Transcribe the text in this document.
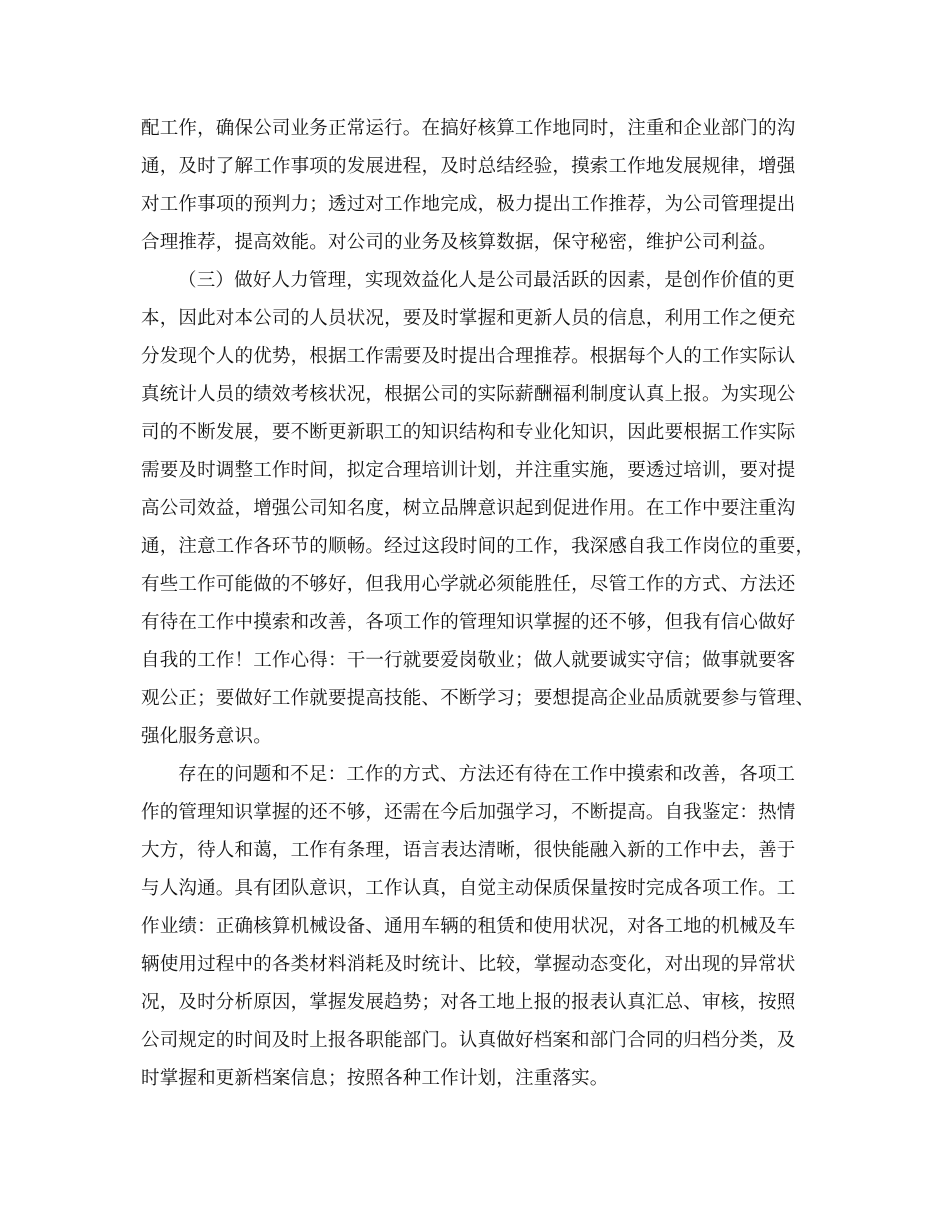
配工作，确保公司业务正常运行。在搞好核算工作地同时，注重和企业部门的沟
通，及时了解工作事项的发展进程，及时总结经验，摸索工作地发展规律，增强
对工作事项的预判力；透过对工作地完成，极力提出工作推荐，为公司管理提出
合理推荐，提高效能。对公司的业务及核算数据，保守秘密，维护公司利益。
（三）做好人力管理，实现效益化人是公司最活跃的因素，是创作价值的更
本，因此对本公司的人员状况，要及时掌握和更新人员的信息，利用工作之便充
分发现个人的优势，根据工作需要及时提出合理推荐。根据每个人的工作实际认
真统计人员的绩效考核状况，根据公司的实际薪酬福利制度认真上报。为实现公
司的不断发展，要不断更新职工的知识结构和专业化知识，因此要根据工作实际
需要及时调整工作时间，拟定合理培训计划，并注重实施，要透过培训，要对提
高公司效益，增强公司知名度，树立品牌意识起到促进作用。在工作中要注重沟
通，注意工作各环节的顺畅。经过这段时间的工作，我深感自我工作岗位的重要，
有些工作可能做的不够好，但我用心学就必须能胜任，尽管工作的方式、方法还
有待在工作中摸索和改善，各项工作的管理知识掌握的还不够，但我有信心做好
自我的工作！工作心得：干一行就要爱岗敬业；做人就要诚实守信；做事就要客
观公正；要做好工作就要提高技能、不断学习；要想提高企业品质就要参与管理、
强化服务意识。
存在的问题和不足：工作的方式、方法还有待在工作中摸索和改善，各项工
作的管理知识掌握的还不够，还需在今后加强学习，不断提高。自我鉴定：热情
大方，待人和蔼，工作有条理，语言表达清晰，很快能融入新的工作中去，善于
与人沟通。具有团队意识，工作认真，自觉主动保质保量按时完成各项工作。工
作业绩：正确核算机械设备、通用车辆的租赁和使用状况，对各工地的机械及车
辆使用过程中的各类材料消耗及时统计、比较，掌握动态变化，对出现的异常状
况，及时分析原因，掌握发展趋势；对各工地上报的报表认真汇总、审核，按照
公司规定的时间及时上报各职能部门。认真做好档案和部门合同的归档分类，及
时掌握和更新档案信息；按照各种工作计划，注重落实。
